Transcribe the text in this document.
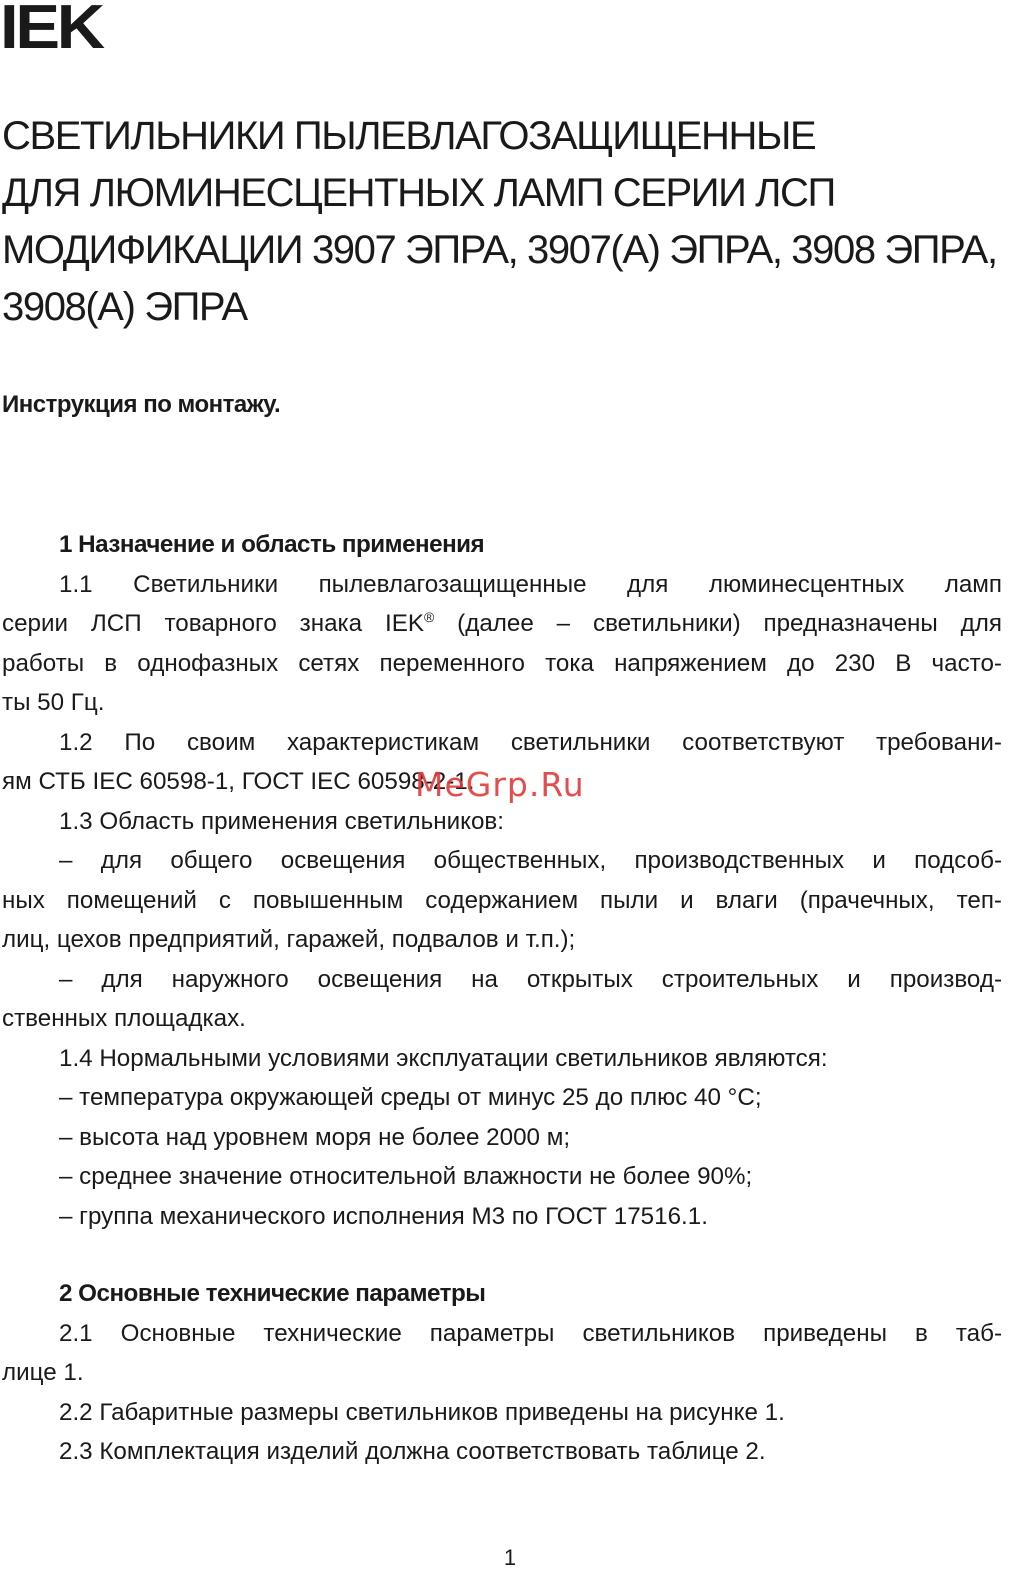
IEK
СВЕТИЛЬНИКИ ПЫЛЕВЛАГОЗАЩИЩЕННЫЕ
ДЛЯ ЛЮМИНЕСЦЕНТНЫХ ЛАМП СЕРИИ ЛСП
МОДИФИКАЦИИ 3907 ЭПРА, 3907(А) ЭПРА, 3908 ЭПРА,
3908(А) ЭПРА
Инструкция по монтажу.
1 Назначение и область применения
1.1 Светильники пылевлагозащищенные для люминесцентных ламп
серии ЛСП товарного знака IEK® (далее – светильники) предназначены для
работы в однофазных сетях переменного тока напряжением до 230 В часто-
ты 50 Гц.
1.2 По своим характеристикам светильники соответствуют требовани-
ям СТБ IEC 60598-1, ГОСТ IEC 60598-2-1.
1.3 Область применения светильников:
– для общего освещения общественных, производственных и подсоб-
ных помещений с повышенным содержанием пыли и влаги (прачечных, теп-
лиц, цехов предприятий, гаражей, подвалов и т.п.);
– для наружного освещения на открытых строительных и производ-
ственных площадках.
1.4 Нормальными условиями эксплуатации светильников являются:
– температура окружающей среды от минус 25 до плюс 40 °С;
– высота над уровнем моря не более 2000 м;
– среднее значение относительной влажности не более 90%;
– группа механического исполнения М3 по ГОСТ 17516.1.
2 Основные технические параметры
2.1 Основные технические параметры светильников приведены в таб-
лице 1.
2.2 Габаритные размеры светильников приведены на рисунке 1.
2.3 Комплектация изделий должна соответствовать таблице 2.
MeGrp.Ru
1
